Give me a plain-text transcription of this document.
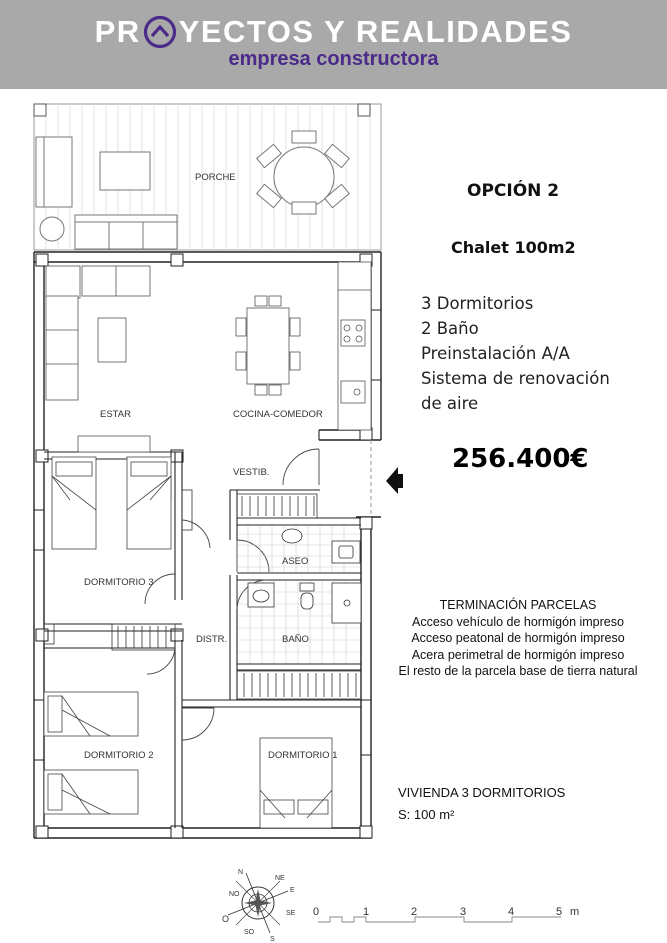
PR YECTOS Y REALIDADES
empresa constructora
PORCHE
ESTAR	COCINA-COMEDOR
VESTIB.
ASEO
DORMITORIO 3
DISTR.	BAÑO
DORMITORIO 2	DORMITORIO 1
N
NE
E
SE
S
SO
O
NO
0	1	2	3	4	5 m
OPCIÓN 2
Chalet 100m2
3 Dormitorios
2 Baño
Preinstalación A/A
Sistema de renovación
de aire
256.400€
TERMINACIÓN PARCELAS
Acceso vehículo de hormigón impreso
Acceso peatonal de hormigón impreso
Acera perimetral de hormigón impreso
El resto de la parcela base de tierra natural
VIVIENDA 3 DORMITORIOS
S: 100 m²
